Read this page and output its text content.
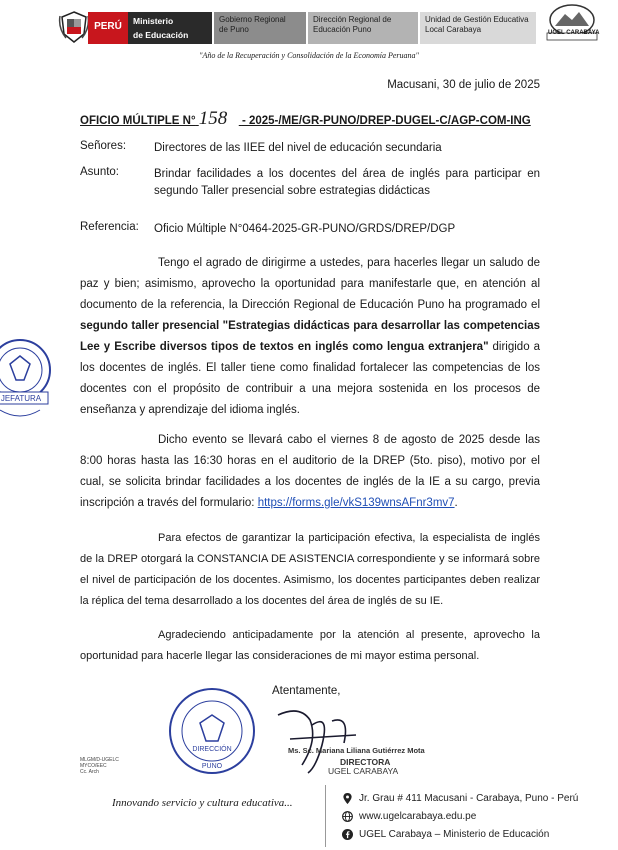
PERÚ	Ministerio
de Educación
Gobierno Regional
de Puno
Dirección Regional de
Educación Puno
Unidad de Gestión Educativa
Local Carabaya	UGEL CARABAYA
"Año de la Recuperación y Consolidación de la Economía Peruana"
Macusani, 30 de julio de 2025
OFICIO MÚLTIPLE N° 158 - 2025-/ME/GR-PUNO/DREP-DUGEL-C/AGP-COM-ING
Señores: Directores de las IIEE del nivel de educación secundaria
Asunto:	Brindar facilidades a los docentes del área de inglés para participar en segundo Taller presencial sobre estrategias didácticas
Referencia: Oficio Múltiple N°0464-2025-GR-PUNO/GRDS/DREP/DGP

Tengo el agrado de dirigirme a ustedes, para hacerles llegar un saludo de paz y bien; asimismo, aprovecho la oportunidad para manifestarle que, en atención al documento de la referencia, la Dirección Regional de Educación Puno ha programado el segundo taller presencial "Estrategias didácticas para desarrollar las competencias Lee y Escribe diversos tipos de textos en inglés como lengua extranjera" dirigido a los docentes de inglés. El taller tiene como finalidad fortalecer las competencias de los docentes con el propósito de contribuir a una mejora sostenida en los procesos de enseñanza y aprendizaje del idioma inglés.

Dicho evento se llevará cabo el viernes 8 de agosto de 2025 desde las 8:00 horas hasta las 16:30 horas en el auditorio de la DREP (5to. piso), motivo por el cual, se solicita brindar facilidades a los docentes de inglés de la IE a su cargo, previa inscripción a través del formulario: https://forms.gle/vkS139wnsAFnr3mv7.

Para efectos de garantizar la participación efectiva, la especialista de inglés de la DREP otorgará la CONSTANCIA DE ASISTENCIA correspondiente y se informará sobre el nivel de participación de los docentes. Asimismo, los docentes participantes deben realizar la réplica del tema desarrollado a los docentes del área de inglés de su IE.

Agradeciendo anticipadamente por la atención al presente, aprovecho la oportunidad para hacerle llegar las consideraciones de mi mayor estima personal.

JEFATURA
DIRECCIÓN
PUNO
Atentamente,
Ms. Sc. Mariana Liliana Gutiérrez Mota
DIRECTORA
UGEL CARABAYA
MLGM/D-UGELC
MYCO/EEC
Cc. Arch
Innovando servicio y cultura educativa...	Jr. Grau # 411 Macusani - Carabaya, Puno - Perú
www.ugelcarabaya.edu.pe
UGEL Carabaya – Ministerio de Educación
